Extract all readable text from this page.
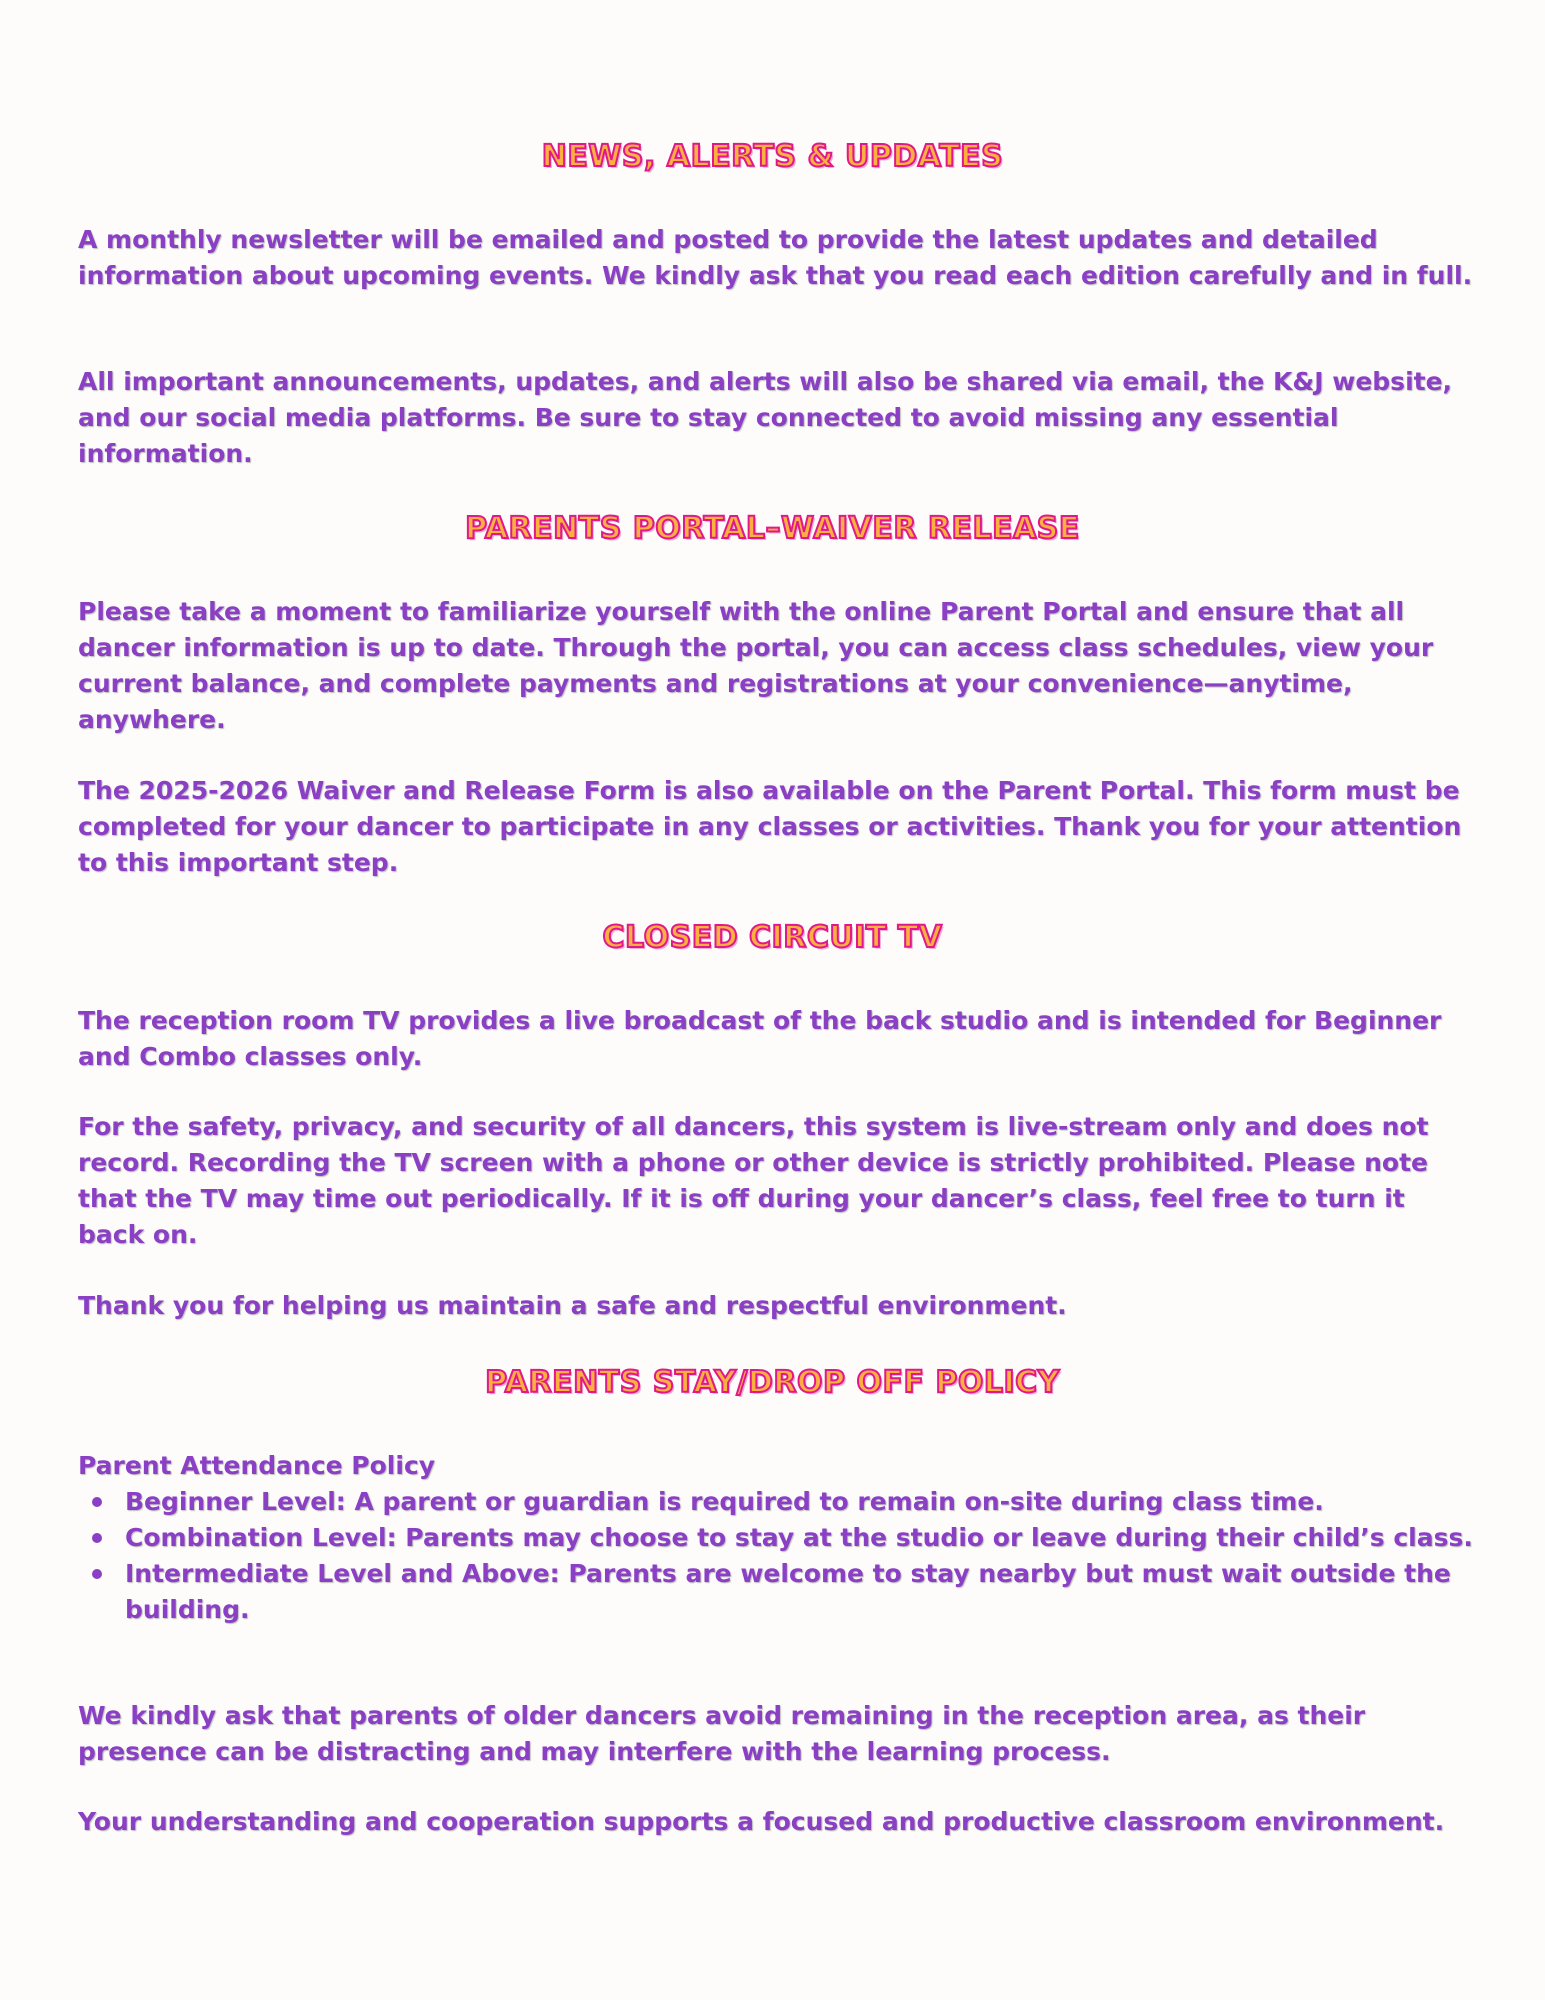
NEWS, ALERTS & UPDATES

A monthly newsletter will be emailed and posted to provide the latest updates and detailed information about upcoming events. We kindly ask that you read each edition carefully and in full.

All important announcements, updates, and alerts will also be shared via email, the K&J website, and our social media platforms. Be sure to stay connected to avoid missing any essential information.

PARENTS PORTAL–WAIVER RELEASE

Please take a moment to familiarize yourself with the online Parent Portal and ensure that all dancer information is up to date. Through the portal, you can access class schedules, view your current balance, and complete payments and registrations at your convenience—anytime, anywhere.

The 2025-2026 Waiver and Release Form is also available on the Parent Portal. This form must be completed for your dancer to participate in any classes or activities. Thank you for your attention to this important step.

CLOSED CIRCUIT TV

The reception room TV provides a live broadcast of the back studio and is intended for Beginner and Combo classes only.

For the safety, privacy, and security of all dancers, this system is live-stream only and does not record. Recording the TV screen with a phone or other device is strictly prohibited. Please note that the TV may time out periodically. If it is off during your dancer’s class, feel free to turn it back on.

Thank you for helping us maintain a safe and respectful environment.

PARENTS STAY/DROP OFF POLICY

Parent Attendance Policy

Beginner Level: A parent or guardian is required to remain on-site during class time.
Combination Level: Parents may choose to stay at the studio or leave during their child’s class.
Intermediate Level and Above: Parents are welcome to stay nearby but must wait outside the building.

We kindly ask that parents of older dancers avoid remaining in the reception area, as their presence can be distracting and may interfere with the learning process.

Your understanding and cooperation supports a focused and productive classroom environment.
